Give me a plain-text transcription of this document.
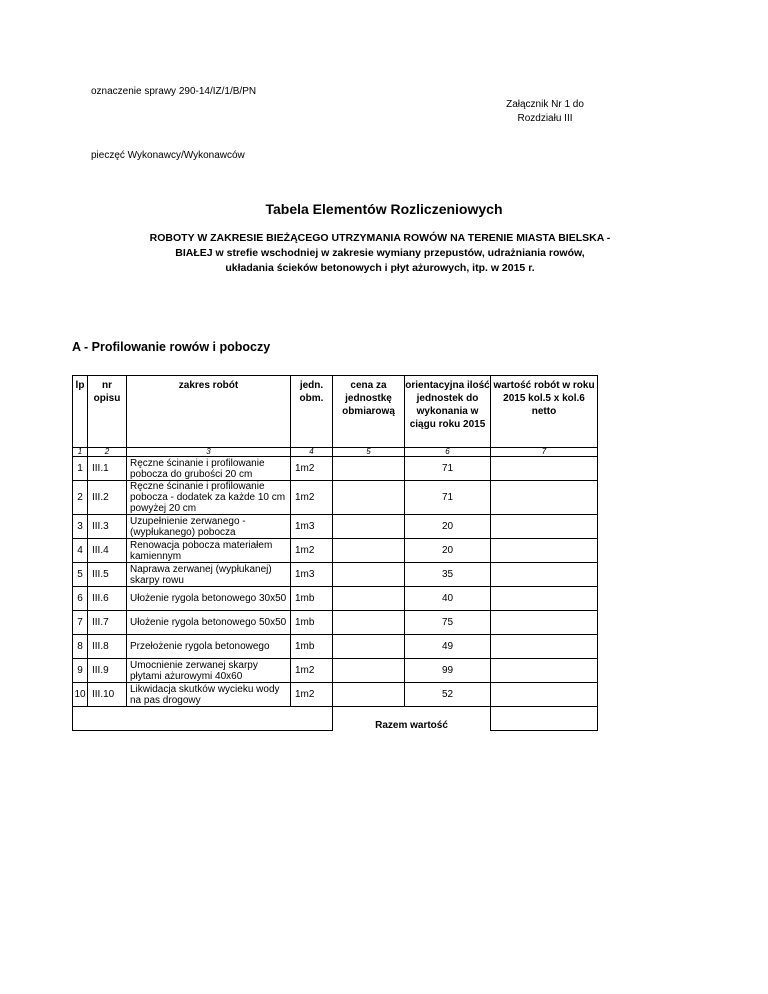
oznaczenie sprawy 290-14/IZ/1/B/PN
Załącznik Nr 1 do
Rozdziału III
pieczęć Wykonawcy/Wykonawców
Tabela Elementów Rozliczeniowych
ROBOTY W ZAKRESIE BIEŻĄCEGO UTRZYMANIA ROWÓW NA TERENIE MIASTA BIELSKA -
BIAŁEJ w strefie wschodniej w zakresie wymiany przepustów, udrażniania rowów,
układania ścieków betonowych i płyt ażurowych, itp. w 2015 r.
A - Profilowanie rowów i poboczy
lp	nr opisu	zakres robót	jedn. obm.	cena za jednostkę obmiarową	orientacyjna ilość jednostek do wykonania w ciągu roku 2015	wartość robót w roku 2015 kol.5 x kol.6 netto
1	2	3	4	5	6	7
1	III.1	Ręczne ścinanie i profilowanie pobocza do grubości 20 cm	1m2		71	
2	III.2	Ręczne ścinanie i profilowanie pobocza - dodatek za każde 10 cm powyżej 20 cm	1m2		71	
3	III.3	Uzupełnienie zerwanego - (wypłukanego) pobocza	1m3		20	
4	III.4	Renowacja pobocza materiałem kamiennym	1m2		20	
5	III.5	Naprawa zerwanej (wypłukanej) skarpy rowu	1m3		35	
6	III.6	Ułożenie rygola betonowego 30x50	1mb		40	
7	III.7	Ułożenie rygola betonowego 50x50	1mb		75	
8	III.8	Przełożenie rygola betonowego	1mb		49	
9	III.9	Umocnienie zerwanej skarpy płytami ażurowymi 40x60	1m2		99	
10	III.10	Likwidacja skutków wycieku wody na pas drogowy	1m2		52	
				Razem wartość		
